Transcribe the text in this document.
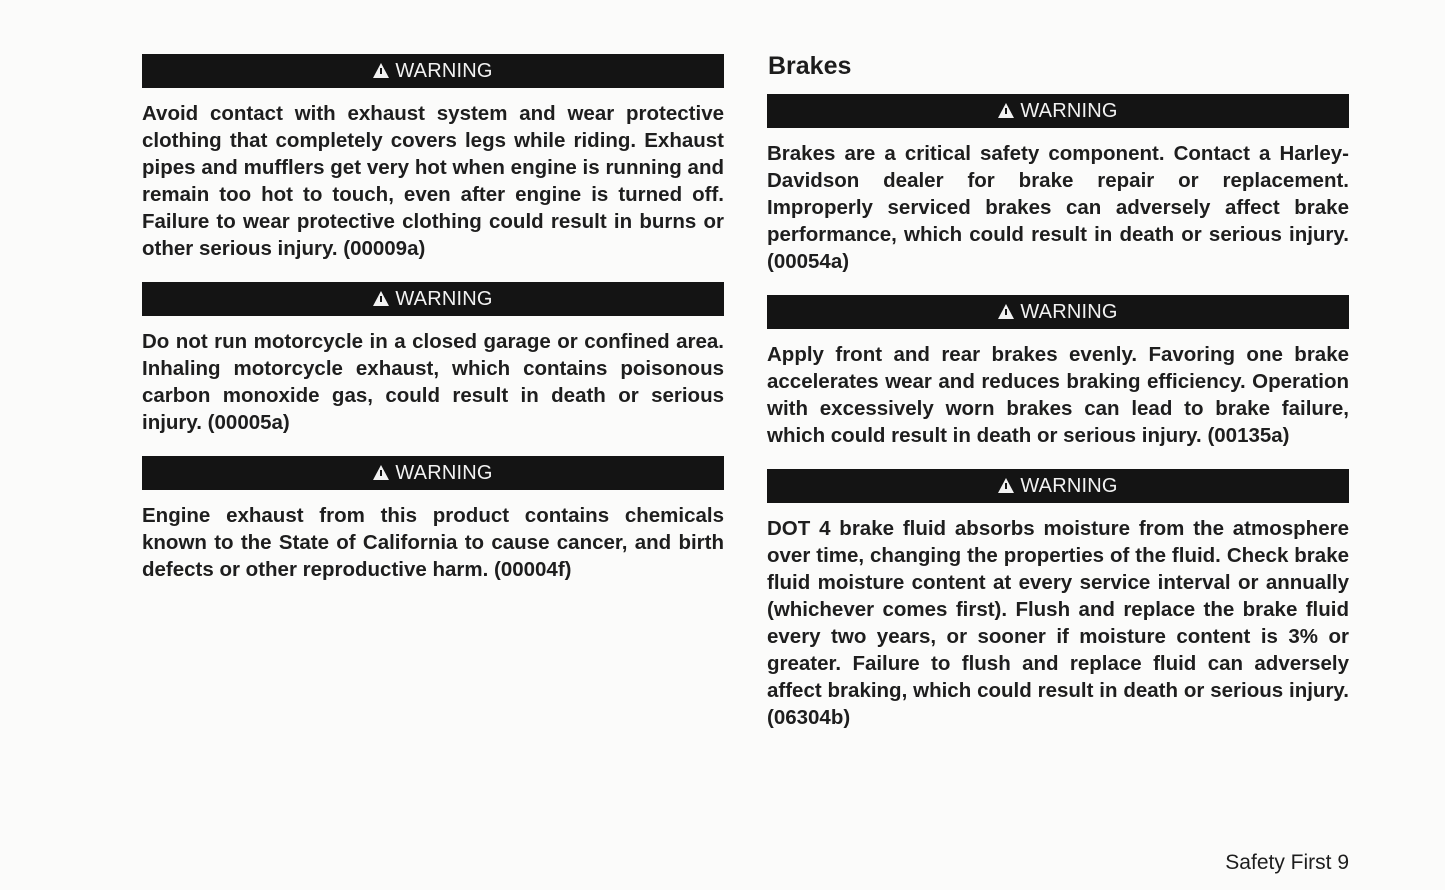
WARNING

Avoid contact with exhaust system and wear protective clothing that completely covers legs while riding. Exhaust pipes and mufflers get very hot when engine is running and remain too hot to touch, even after engine is turned off. Failure to wear protective clothing could result in burns or other serious injury. (00009a)

WARNING

Do not run motorcycle in a closed garage or confined area. Inhaling motorcycle exhaust, which contains poisonous carbon monoxide gas, could result in death or serious injury. (00005a)

WARNING

Engine exhaust from this product contains chemicals known to the State of California to cause cancer, and birth defects or other reproductive harm. (00004f)

Brakes
WARNING

Brakes are a critical safety component. Contact a Harley-Davidson dealer for brake repair or replacement. Improperly serviced brakes can adversely affect brake performance, which could result in death or serious injury. (00054a)

WARNING

Apply front and rear brakes evenly. Favoring one brake accelerates wear and reduces braking efficiency. Operation with excessively worn brakes can lead to brake failure, which could result in death or serious injury. (00135a)

WARNING

DOT 4 brake fluid absorbs moisture from the atmosphere over time, changing the properties of the fluid. Check brake fluid moisture content at every service interval or annually (whichever comes first). Flush and replace the brake fluid every two years, or sooner if moisture content is 3% or greater. Failure to flush and replace fluid can adversely affect braking, which could result in death or serious injury. (06304b)

Safety First 9
